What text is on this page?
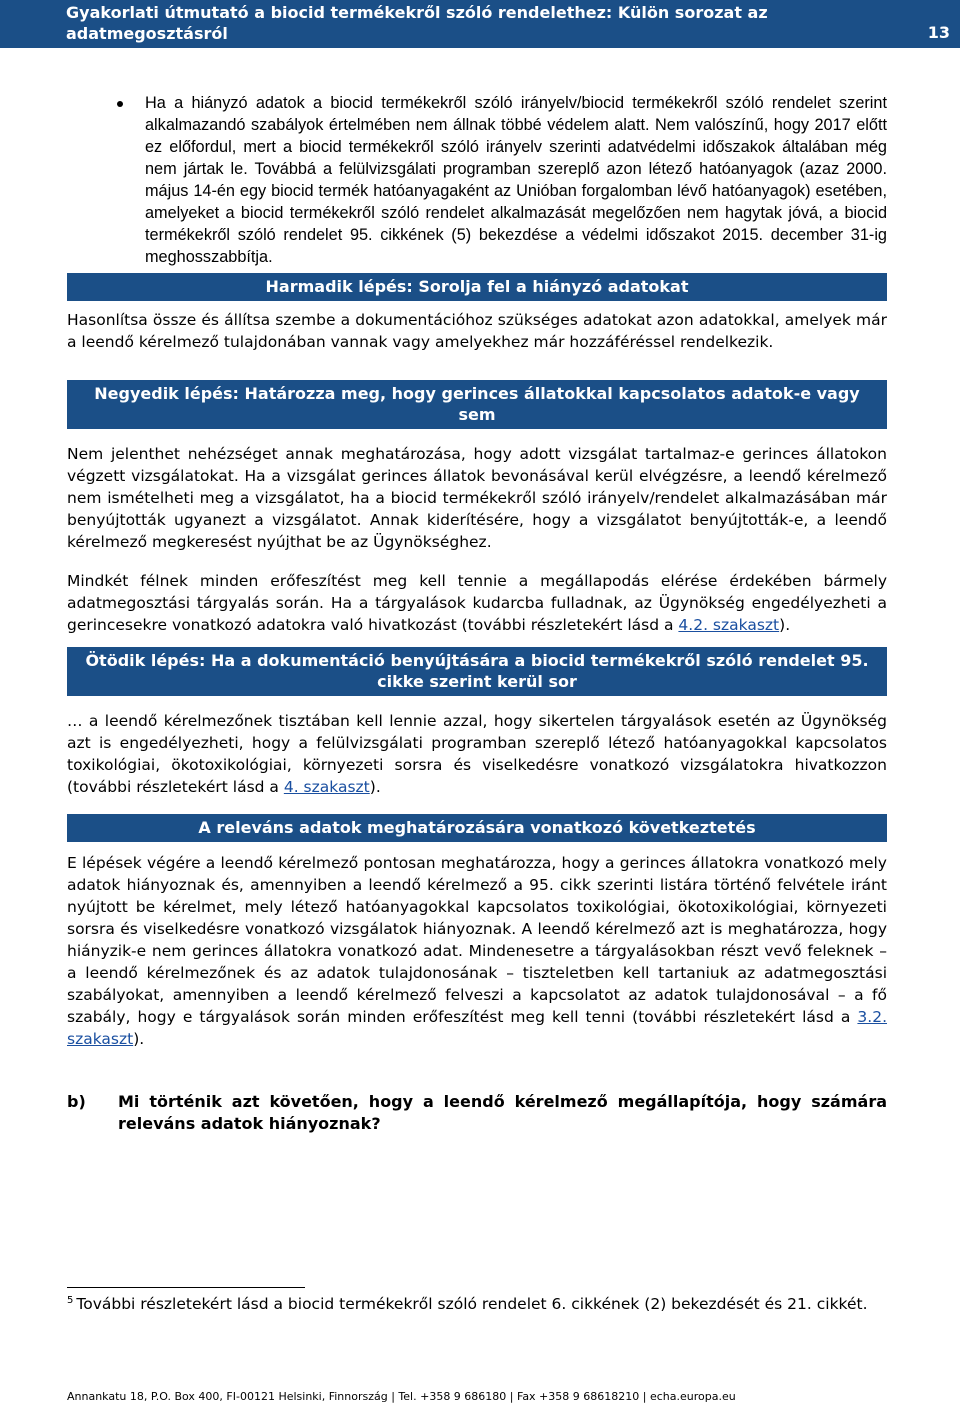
Gyakorlati útmutató a biocid termékekről szóló rendelethez: Külön sorozat az adatmegosztásról	13

Ha a hiányzó adatok a biocid termékekről szóló irányelv/biocid termékekről szóló rendelet szerint alkalmazandó szabályok értelmében nem állnak többé védelem alatt. Nem valószínű, hogy 2017 előtt ez előfordul, mert a biocid termékekről szóló irányelv szerinti adatvédelmi időszakok általában még nem jártak le. Továbbá a felülvizsgálati programban szereplő azon létező hatóanyagok (azaz 2000. május 14-én egy biocid termék hatóanyagaként az Unióban forgalomban lévő hatóanyagok) esetében, amelyeket a biocid termékekről szóló rendelet alkalmazását megelőzően nem hagytak jóvá, a biocid termékekről szóló rendelet 95. cikkének (5) bekezdése a védelmi időszakot 2015. december 31-ig meghosszabbítja.

Harmadik lépés: Sorolja fel a hiányzó adatokat

Hasonlítsa össze és állítsa szembe a dokumentációhoz szükséges adatokat azon adatokkal, amelyek már a leendő kérelmező tulajdonában vannak vagy amelyekhez már hozzáféréssel rendelkezik.

Negyedik lépés: Határozza meg, hogy gerinces állatokkal kapcsolatos adatok-e vagy sem

Nem jelenthet nehézséget annak meghatározása, hogy adott vizsgálat tartalmaz-e gerinces állatokon végzett vizsgálatokat. Ha a vizsgálat gerinces állatok bevonásával kerül elvégzésre, a leendő kérelmező nem ismételheti meg a vizsgálatot, ha a biocid termékekről szóló irányelv/rendelet alkalmazásában már benyújtották ugyanezt a vizsgálatot. Annak kiderítésére, hogy a vizsgálatot benyújtották-e, a leendő kérelmező megkeresést nyújthat be az Ügynökséghez.

Mindkét félnek minden erőfeszítést meg kell tennie a megállapodás elérése érdekében bármely adatmegosztási tárgyalás során. Ha a tárgyalások kudarcba fulladnak, az Ügynökség engedélyezheti a gerincesekre vonatkozó adatokra való hivatkozást (további részletekért lásd a 4.2. szakaszt).

Ötödik lépés: Ha a dokumentáció benyújtására a biocid termékekről szóló rendelet 95. cikke szerint kerül sor

… a leendő kérelmezőnek tisztában kell lennie azzal, hogy sikertelen tárgyalások esetén az Ügynökség azt is engedélyezheti, hogy a felülvizsgálati programban szereplő létező hatóanyagokkal kapcsolatos toxikológiai, ökotoxikológiai, környezeti sorsra és viselkedésre vonatkozó vizsgálatokra hivatkozzon (további részletekért lásd a 4. szakaszt).

A releváns adatok meghatározására vonatkozó következtetés

E lépések végére a leendő kérelmező pontosan meghatározza, hogy a gerinces állatokra vonatkozó mely adatok hiányoznak és, amennyiben a leendő kérelmező a 95. cikk szerinti listára történő felvétele iránt nyújtott be kérelmet, mely létező hatóanyagokkal kapcsolatos toxikológiai, ökotoxikológiai, környezeti sorsra és viselkedésre vonatkozó vizsgálatok hiányoznak. A leendő kérelmező azt is meghatározza, hogy hiányzik-e nem gerinces állatokra vonatkozó adat. Mindenesetre a tárgyalásokban részt vevő feleknek – a leendő kérelmezőnek és az adatok tulajdonosának – tiszteletben kell tartaniuk az adatmegosztási szabályokat, amennyiben a leendő kérelmező felveszi a kapcsolatot az adatok tulajdonosával – a fő szabály, hogy e tárgyalások során minden erőfeszítést meg kell tenni (további részletekért lásd a 3.2. szakaszt).

b) Mi történik azt követően, hogy a leendő kérelmező megállapítója, hogy számára releváns adatok hiányoznak?

$^5$ További részletekért lásd a biocid termékekről szóló rendelet 6. cikkének (2) bekezdését és 21. cikkét.
Annankatu 18, P.O. Box 400, FI-00121 Helsinki, Finnország | Tel. +358 9 686180 | Fax +358 9 68618210 | echa.europa.eu
